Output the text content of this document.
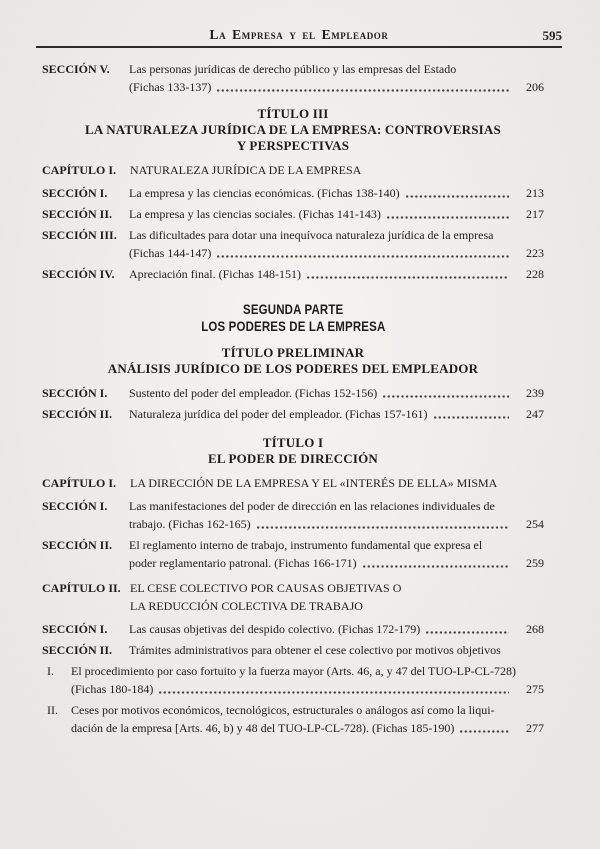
La Empresa y el Empleador	595
SECCIÓN V.	Las personas jurídicas de derecho público y las empresas del Estado
(Fichas 133-137)	206
TÍTULO III
LA NATURALEZA JURÍDICA DE LA EMPRESA: CONTROVERSIAS
Y PERSPECTIVAS
CAPÍTULO I.	NATURALEZA JURÍDICA DE LA EMPRESA
SECCIÓN I.	La empresa y las ciencias económicas. (Fichas 138-140)	213
SECCIÓN II.	La empresa y las ciencias sociales. (Fichas 141-143)	217
SECCIÓN III.	Las dificultades para dotar una inequívoca naturaleza jurídica de la empresa
(Fichas 144-147)	223
SECCIÓN IV.	Apreciación final. (Fichas 148-151)	228
SEGUNDA PARTE
LOS PODERES DE LA EMPRESA
TÍTULO PRELIMINAR
ANÁLISIS JURÍDICO DE LOS PODERES DEL EMPLEADOR
SECCIÓN I.	Sustento del poder del empleador. (Fichas 152-156)	239
SECCIÓN II.	Naturaleza jurídica del poder del empleador. (Fichas 157-161)	247
TÍTULO I
EL PODER DE DIRECCIÓN
CAPÍTULO I.	LA DIRECCIÓN DE LA EMPRESA Y EL «INTERÉS DE ELLA» MISMA
SECCIÓN I.	Las manifestaciones del poder de dirección en las relaciones individuales de
trabajo. (Fichas 162-165)	254
SECCIÓN II.	El reglamento interno de trabajo, instrumento fundamental que expresa el
poder reglamentario patronal. (Fichas 166-171)	259
CAPÍTULO II. EL CESE COLECTIVO POR CAUSAS OBJETIVAS O
LA REDUCCIÓN COLECTIVA DE TRABAJO
SECCIÓN I.	Las causas objetivas del despido colectivo. (Fichas 172-179)	268
SECCIÓN II.	Trámites administrativos para obtener el cese colectivo por motivos objetivos
I.	El procedimiento por caso fortuito y la fuerza mayor (Arts. 46, a, y 47 del TUO-LP-CL-728)
(Fichas 180-184)	275
II.	Ceses por motivos económicos, tecnológicos, estructurales o análogos así como la liqui-
dación de la empresa [Arts. 46, b) y 48 del TUO-LP-CL-728). (Fichas 185-190)	277
